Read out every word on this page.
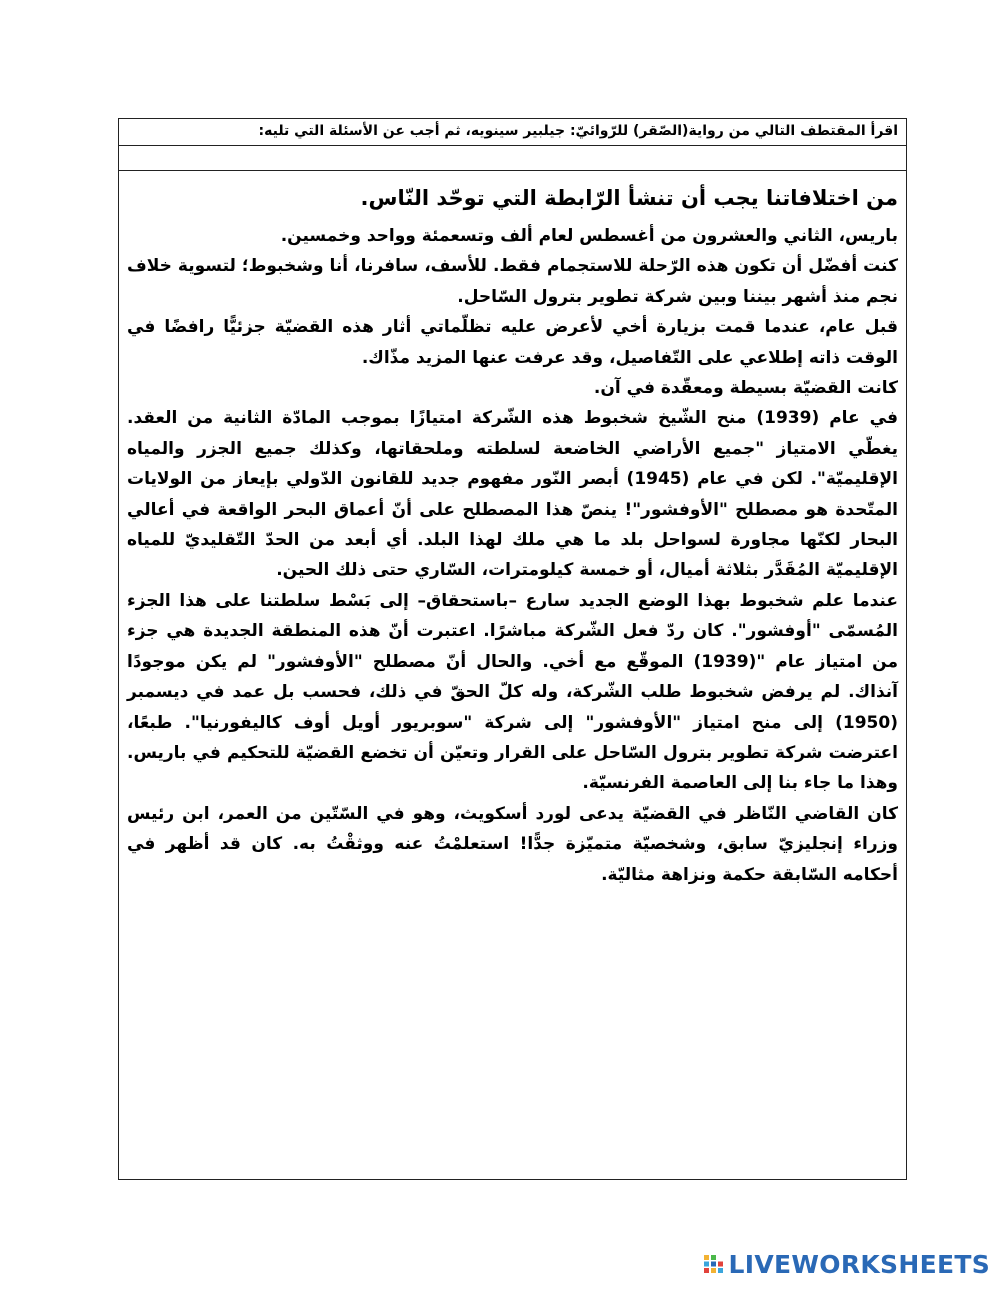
اقرأ المقتطف التالي من رواية(الصّقر) للرّوائيّ: جيلبير سينويه، ثم أجب عن الأسئلة التي تليه:
من اختلافاتنا يجب أن تنشأ الرّابطة التي توحّد النّاس.

باريس، الثاني والعشرون من أغسطس لعام ألف وتسعمئة وواحد وخمسين.

كنت أفضّل أن تكون هذه الرّحلة للاستجمام فقط. للأسف، سافرنا، أنا وشخبوط؛ لتسوية خلاف نجم منذ أشهر بيننا وبين شركة تطوير بترول السّاحل.

قبل عام، عندما قمت بزيارة أخي لأعرض عليه تظلّماتي أثار هذه القضيّة جزئيًّا رافضًا في الوقت ذاته إطلاعي على التّفاصيل، وقد عرفت عنها المزيد مذّاك.

كانت القضيّة بسيطة ومعقّدة في آن.

في عام (1939) منح الشّيخ شخبوط هذه الشّركة امتيازًا بموجب المادّة الثانية من العقد. يغطّي الامتياز "جميع الأراضي الخاضعة لسلطته وملحقاتها، وكذلك جميع الجزر والمياه الإقليميّة". لكن في عام (1945) أبصر النّور مفهوم جديد للقانون الدّولي بإيعاز من الولايات المتّحدة هو مصطلح "الأوفشور"! ينصّ هذا المصطلح على أنّ أعماق البحر الواقعة في أعالي البحار لكنّها مجاورة لسواحل بلد ما هي ملك لهذا البلد. أي أبعد من الحدّ التّقليديّ للمياه الإقليميّة المُقَدَّر بثلاثة أميال، أو خمسة كيلومترات، السّاري حتى ذلك الحين.

عندما علم شخبوط بهذا الوضع الجديد سارع –باستحقاق– إلى بَسْط سلطتنا على هذا الجزء المُسمّى "أوفشور". كان ردّ فعل الشّركة مباشرًا. اعتبرت أنّ هذه المنطقة الجديدة هي جزء من امتياز عام "(1939) الموقّع مع أخي. والحال أنّ مصطلح "الأوفشور" لم يكن موجودًا آنذاك. لم يرفض شخبوط طلب الشّركة، وله كلّ الحقّ في ذلك، فحسب بل عمد في ديسمبر (1950) إلى منح امتياز "الأوفشور" إلى شركة "سوبريور أويل أوف كاليفورنيا". طبعًا، اعترضت شركة تطوير بترول السّاحل على القرار وتعيّن أن تخضع القضيّة للتحكيم في باريس. وهذا ما جاء بنا إلى العاصمة الفرنسيّة.

كان القاضي النّاظر في القضيّة يدعى لورد أسكويث، وهو في السّتّين من العمر، ابن رئيس وزراء إنجليزيّ سابق، وشخصيّة متميّزة جدًّا! استعلمْتُ عنه ووثقْتُ به. كان قد أظهر في أحكامه السّابقة حكمة ونزاهة مثاليّة.

LIVEWORKSHEETS
